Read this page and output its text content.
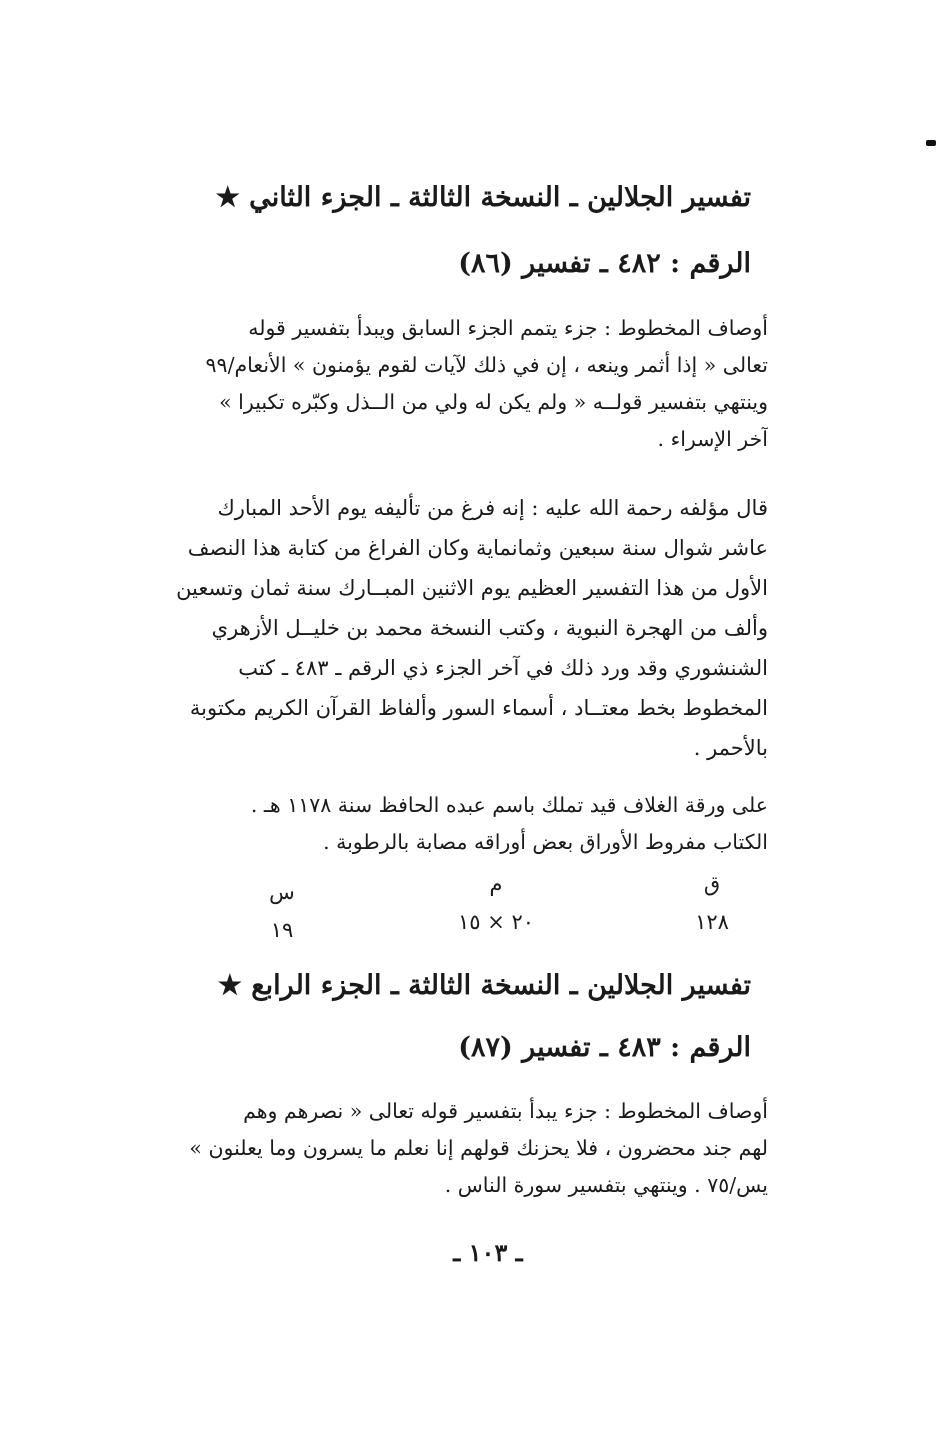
تفسير الجلالين ـ النسخة الثالثة ـ الجزء الثاني ★
الرقم : ٤٨٢ ـ تفسير (٨٦)
أوصاف المخطوط : جزء يتمم الجزء السابق ويبدأ بتفسير قوله
تعالى « إذا أثمر وينعه ، إن في ذلك لآيات لقوم يؤمنون » الأنعام/٩٩
وينتهي بتفسير قولــه « ولم يكن له ولي من الــذل وكبّره تكبيرا »
آخر الإسراء .
قال مؤلفه رحمة الله عليه : إنه فرغ من تأليفه يوم الأحد المبارك
عاشر شوال سنة سبعين وثمانماية وكان الفراغ من كتابة هذا النصف
الأول من هذا التفسير العظيم يوم الاثنين المبــارك سنة ثمان وتسعين
وألف من الهجرة النبوية ، وكتب النسخة محمد بن خليــل الأزهري
الشنشوري وقد ورد ذلك في آخر الجزء ذي الرقم ـ ٤٨٣ ـ كتب
المخطوط بخط معتــاد ، أسماء السور وألفاظ القرآن الكريم مكتوبة
بالأحمر .
على ورقة الغلاف قيد تملك باسم عبده الحافظ سنة ١١٧٨ هـ .
الكتاب مفروط الأوراق بعض أوراقه مصابة بالرطوبة .
ق
١٢٨
م
٢٠ × ١٥
س
١٩
تفسير الجلالين ـ النسخة الثالثة ـ الجزء الرابع ★
الرقم : ٤٨٣ ـ تفسير (٨٧)
أوصاف المخطوط : جزء يبدأ بتفسير قوله تعالى « نصرهم وهم
لهم جند محضرون ، فلا يحزنك قولهم إنا نعلم ما يسرون وما يعلنون »
يس/٧٥ . وينتهي بتفسير سورة الناس .
ـ ١٠٣ ـ
